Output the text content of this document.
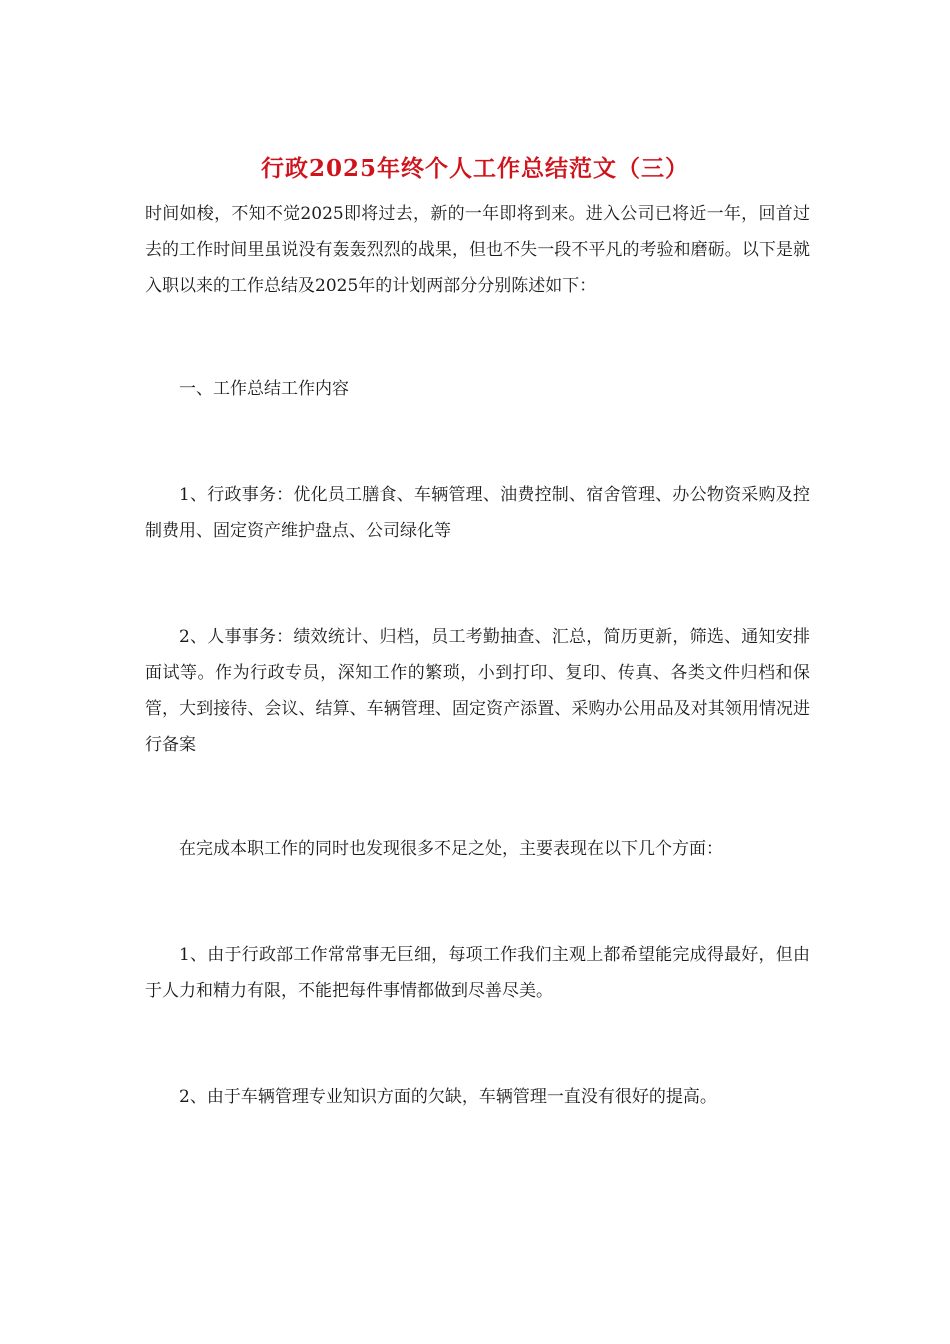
行政2025年终个人工作总结范文（三）

时间如梭，不知不觉2025即将过去，新的一年即将到来。进入公司已将近一年，回首过去的工作时间里虽说没有轰轰烈烈的战果，但也不失一段不平凡的考验和磨砺。以下是就入职以来的工作总结及2025年的计划两部分分别陈述如下：

一、工作总结工作内容

1、行政事务：优化员工膳食、车辆管理、油费控制、宿舍管理、办公物资采购及控制费用、固定资产维护盘点、公司绿化等

2、人事事务：绩效统计、归档，员工考勤抽查、汇总，简历更新，筛选、通知安排面试等。作为行政专员，深知工作的繁琐，小到打印、复印、传真、各类文件归档和保管，大到接待、会议、结算、车辆管理、固定资产添置、采购办公用品及对其领用情况进行备案

在完成本职工作的同时也发现很多不足之处，主要表现在以下几个方面：

1、由于行政部工作常常事无巨细，每项工作我们主观上都希望能完成得最好，但由于人力和精力有限，不能把每件事情都做到尽善尽美。

2、由于车辆管理专业知识方面的欠缺，车辆管理一直没有很好的提高。
